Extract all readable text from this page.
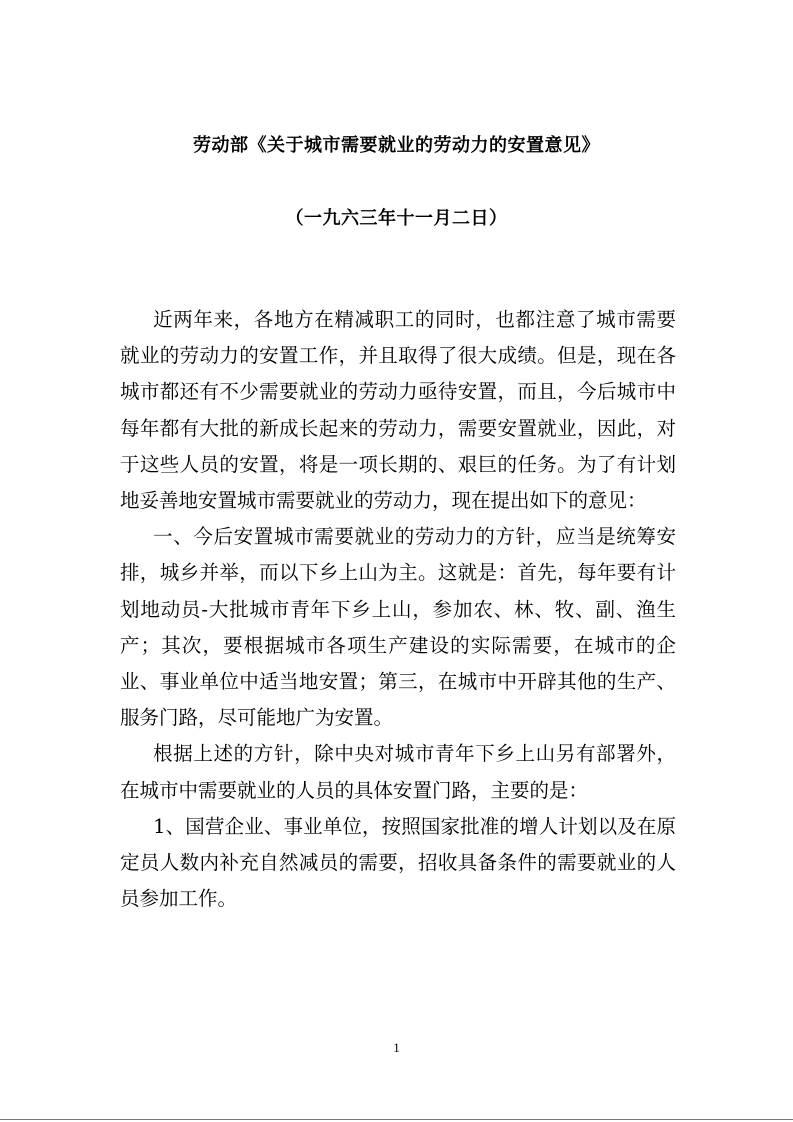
劳动部《关于城市需要就业的劳动力的安置意见》
（一九六三年十一月二日）

近两年来，各地方在精减职工的同时，也都注意了城市需要就业的劳动力的安置工作，并且取得了很大成绩。但是，现在各城市都还有不少需要就业的劳动力亟待安置，而且，今后城市中每年都有大批的新成长起来的劳动力，需要安置就业，因此，对于这些人员的安置，将是一项长期的、艰巨的任务。为了有计划地妥善地安置城市需要就业的劳动力，现在提出如下的意见：

一、今后安置城市需要就业的劳动力的方针，应当是统筹安排，城乡并举，而以下乡上山为主。这就是：首先，每年要有计划地动员-大批城市青年下乡上山，参加农、林、牧、副、渔生产；其次，要根据城市各项生产建设的实际需要，在城市的企业、事业单位中适当地安置；第三，在城市中开辟其他的生产、服务门路，尽可能地广为安置。

根据上述的方针，除中央对城市青年下乡上山另有部署外，在城市中需要就业的人员的具体安置门路，主要的是：

1、国营企业、事业单位，按照国家批准的增人计划以及在原定员人数内补充自然减员的需要，招收具备条件的需要就业的人员参加工作。

1
